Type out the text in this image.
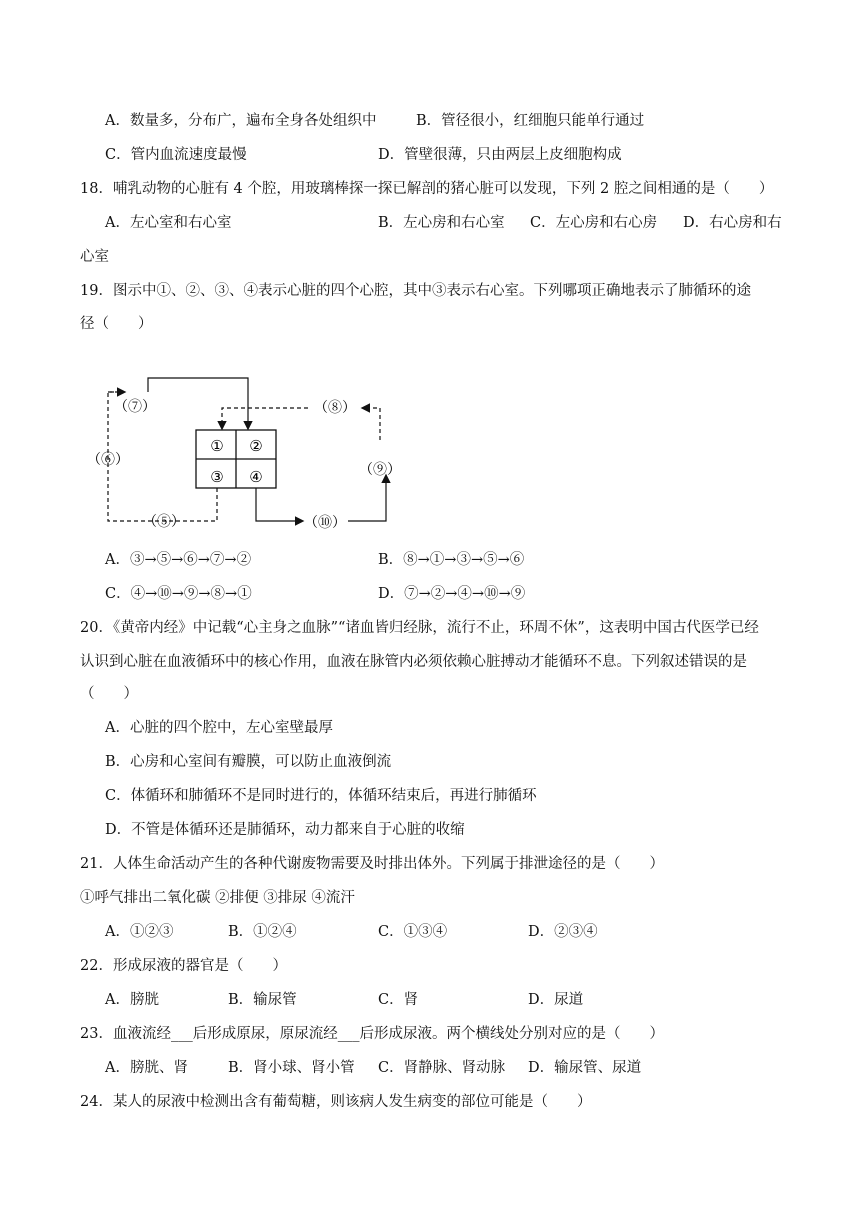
A．数量多，分布广，遍布全身各处组织中	B．管径很小，红细胞只能单行通过
C．管内血流速度最慢	D．管壁很薄，只由两层上皮细胞构成
18．哺乳动物的心脏有 4 个腔，用玻璃棒探一探已解剖的猪心脏可以发现，下列 2 腔之间相通的是（　　）
A．左心室和右心室	B．左心房和右心室 C．左心房和右心房 D．右心房和右
心室
19．图示中①、②、③、④表示心脏的四个心腔，其中③表示右心室。下列哪项正确地表示了肺循环的途
径（　　）
① ②
③ ④
（⑦）	（⑧）
（⑥）
（⑨）
（⑤）	（⑩）
A．③→⑤→⑥→⑦→②	B．⑧→①→③→⑤→⑥
C．④→⑩→⑨→⑧→①	D．⑦→②→④→⑩→⑨
20．《黄帝内经》中记载“心主身之血脉”“诸血皆归经脉，流行不止，环周不休”，这表明中国古代医学已经
认识到心脏在血液循环中的核心作用，血液在脉管内必须依赖心脏搏动才能循环不息。下列叙述错误的是
（　　）
A．心脏的四个腔中，左心室壁最厚
B．心房和心室间有瓣膜，可以防止血液倒流
C．体循环和肺循环不是同时进行的，体循环结束后，再进行肺循环
D．不管是体循环还是肺循环，动力都来自于心脏的收缩
21．人体生命活动产生的各种代谢废物需要及时排出体外。下列属于排泄途径的是（　　）
①呼气排出二氧化碳 ②排便 ③排尿 ④流汗
A．①②③	B．①②④	C．①③④	D．②③④
22．形成尿液的器官是（　　）
A．膀胱	B．输尿管	C．肾	D．尿道
23．血液流经___后形成原尿，原尿流经___后形成尿液。两个横线处分别对应的是（　　）
A．膀胱、肾	B．肾小球、肾小管 C．肾静脉、肾动脉 D．输尿管、尿道
24．某人的尿液中检测出含有葡萄糖，则该病人发生病变的部位可能是（　　）
